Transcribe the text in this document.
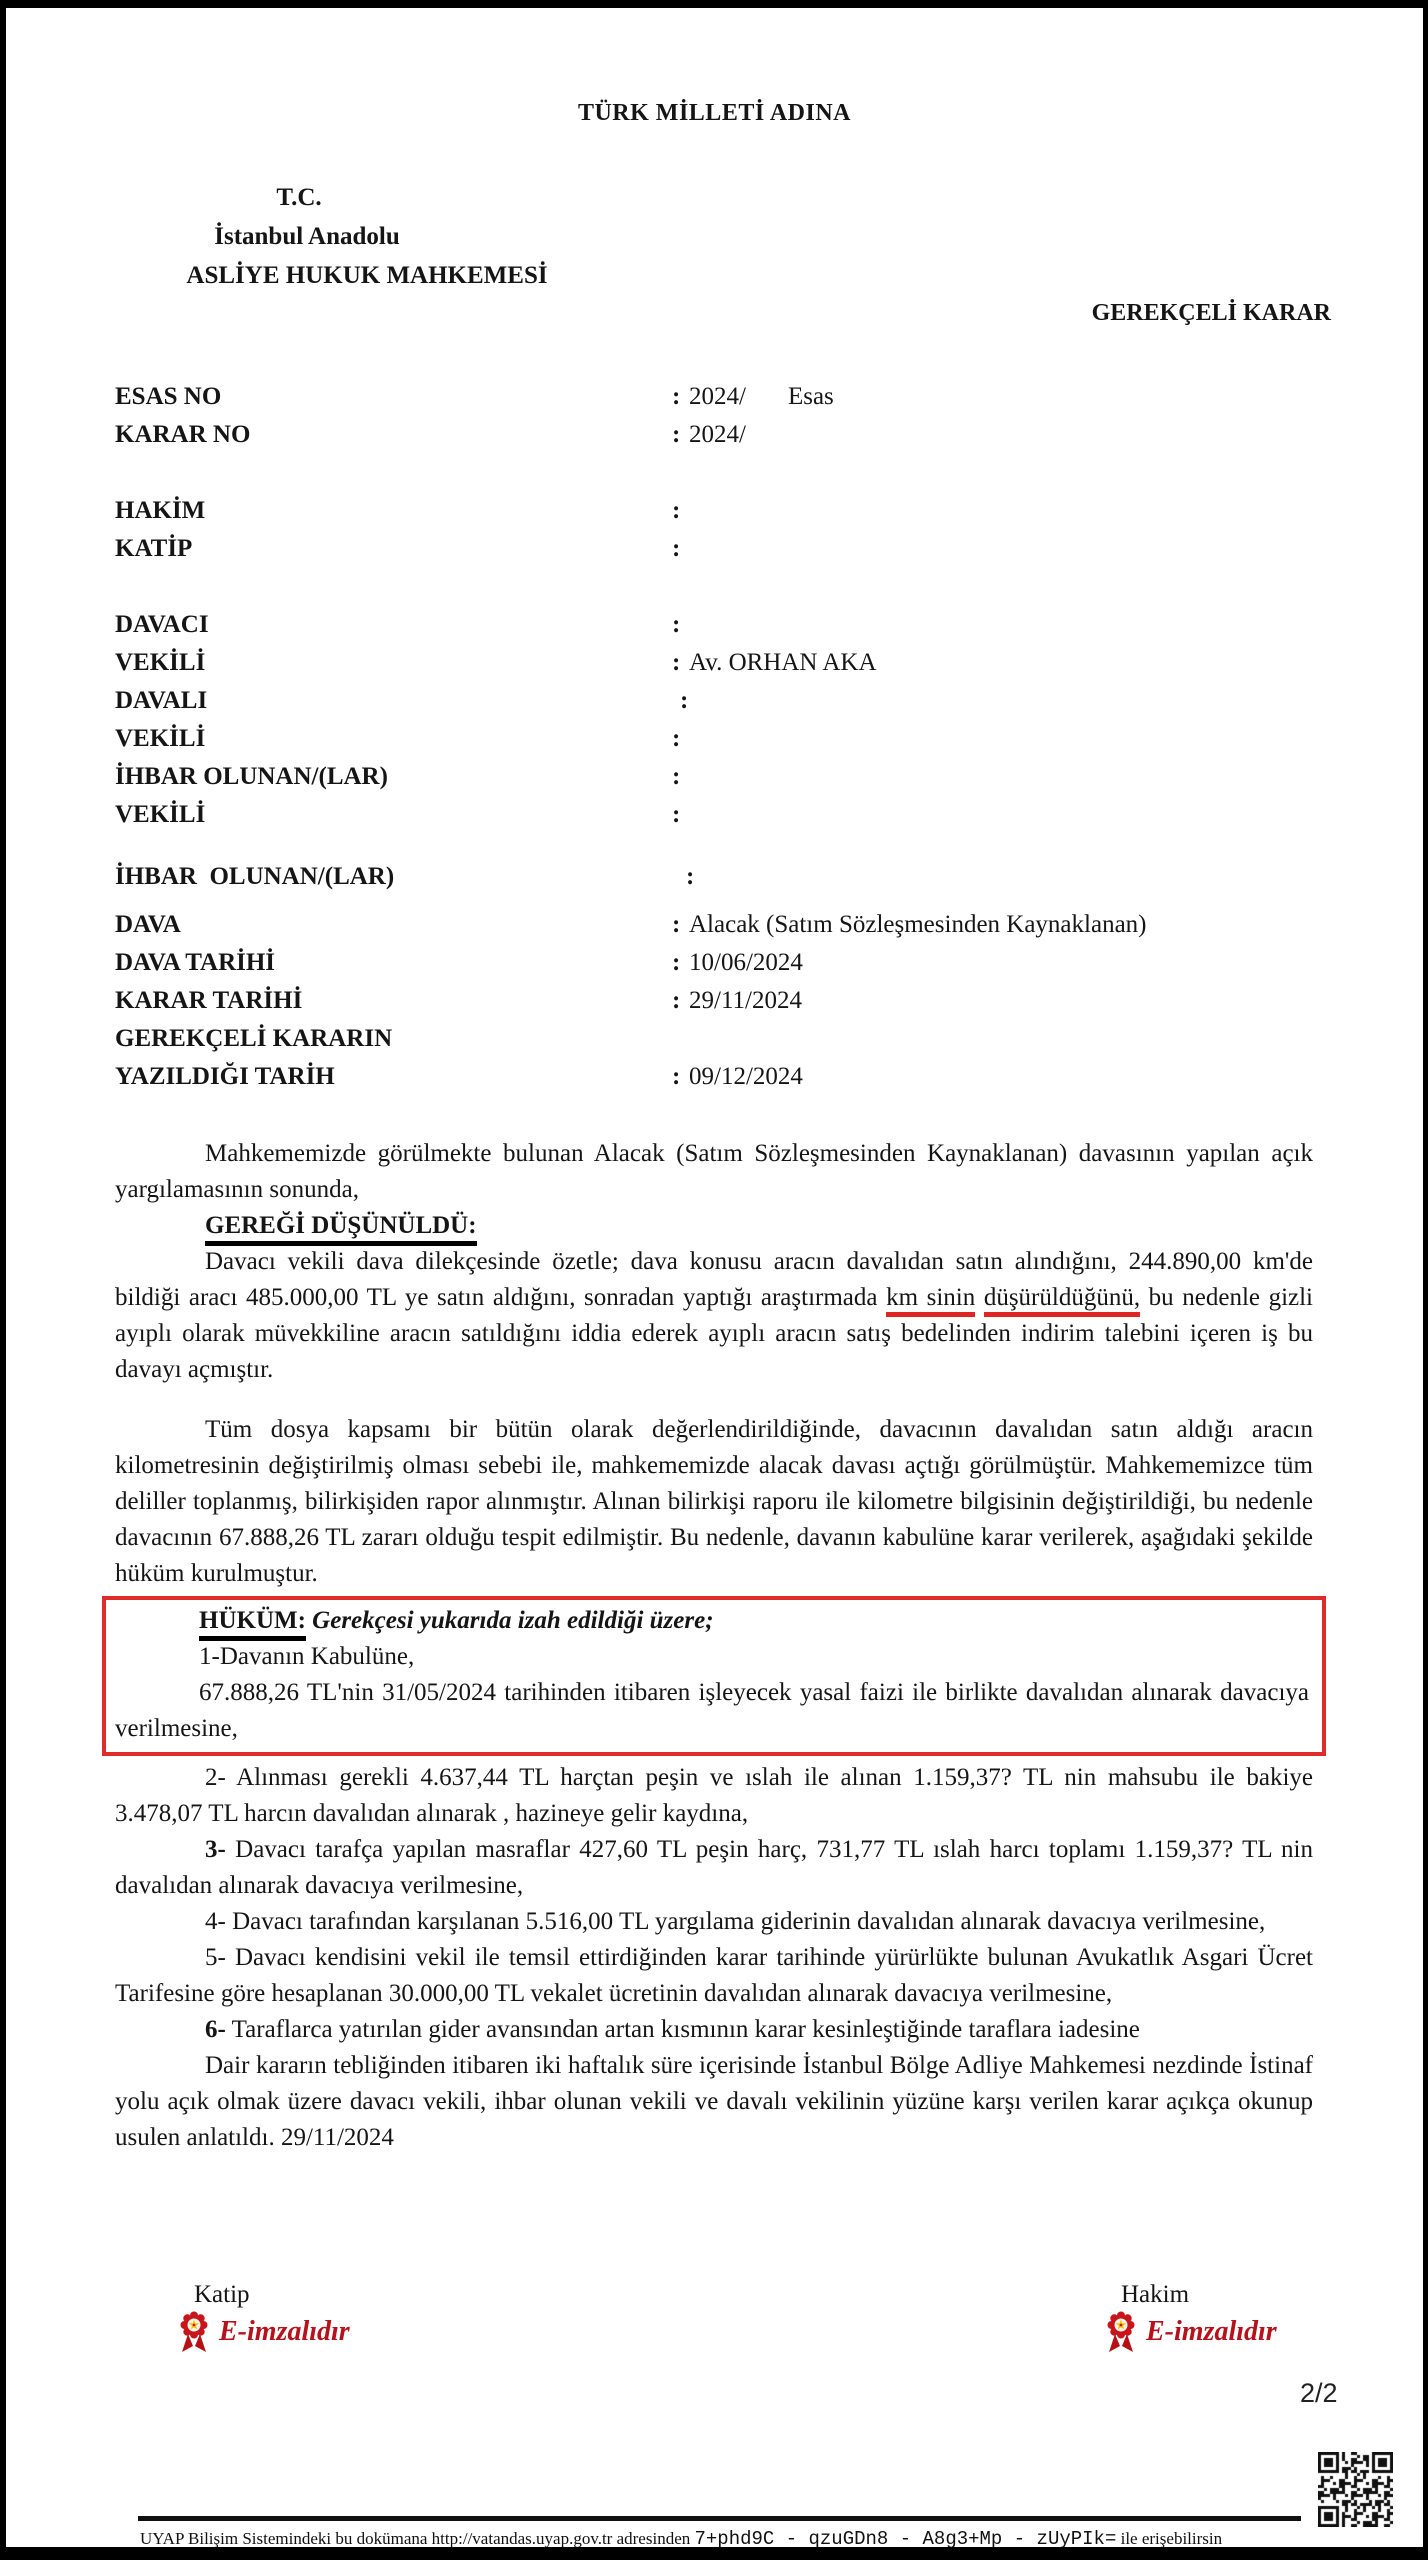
TÜRK MİLLETİ ADINA
T.C.
İstanbul Anadolu
ASLİYE HUKUK MAHKEMESİ
GEREKÇELİ KARAR
ESAS NO	: 2024/ Esas
KARAR NO	: 2024/
HAKİM	:
KATİP	:
DAVACI	:
VEKİLİ	: Av. ORHAN AKA
DAVALI	:
VEKİLİ	:
İHBAR OLUNAN/(LAR)	:
VEKİLİ	:
İHBAR  OLUNAN/(LAR)	:
DAVA	: Alacak (Satım Sözleşmesinden Kaynaklanan)
DAVA TARİHİ	: 10/06/2024
KARAR TARİHİ	: 29/11/2024
GEREKÇELİ KARARIN
YAZILDIĞI TARİH	: 09/12/2024

Mahkememizde görülmekte bulunan Alacak (Satım Sözleşmesinden Kaynaklanan) davasının yapılan açık yargılamasının sonunda,

GEREĞİ DÜŞÜNÜLDÜ:

Davacı vekili dava dilekçesinde özetle; dava konusu aracın davalıdan satın alındığını, 244.890,00 km'de bildiği aracı 485.000,00 TL ye satın aldığını, sonradan yaptığı araştırmada km sinin düşürüldüğünü, bu nedenle gizli ayıplı olarak müvekkiline aracın satıldığını iddia ederek ayıplı aracın satış bedelinden indirim talebini içeren iş bu davayı açmıştır.

Tüm dosya kapsamı bir bütün olarak değerlendirildiğinde, davacının davalıdan satın aldığı aracın kilometresinin değiştirilmiş olması sebebi ile, mahkememizde alacak davası açtığı görülmüştür. Mahkememizce tüm deliller toplanmış, bilirkişiden rapor alınmıştır. Alınan bilirkişi raporu ile kilometre bilgisinin değiştirildiği, bu nedenle davacının 67.888,26 TL zararı olduğu tespit edilmiştir. Bu nedenle, davanın kabulüne karar verilerek, aşağıdaki şekilde hüküm kurulmuştur.

HÜKÜM: Gerekçesi yukarıda izah edildiği üzere;

1-Davanın Kabulüne,

67.888,26 TL'nin 31/05/2024 tarihinden itibaren işleyecek yasal faizi ile birlikte davalıdan alınarak davacıya verilmesine,

2- Alınması gerekli 4.637,44 TL harçtan peşin ve ıslah ile alınan 1.159,37? TL nin mahsubu ile bakiye 3.478,07 TL harcın davalıdan alınarak , hazineye gelir kaydına,

3- Davacı tarafça yapılan masraflar 427,60 TL peşin harç, 731,77 TL ıslah harcı toplamı 1.159,37? TL nin davalıdan alınarak davacıya verilmesine,

4- Davacı tarafından karşılanan 5.516,00 TL yargılama giderinin davalıdan alınarak davacıya verilmesine,

5- Davacı kendisini vekil ile temsil ettirdiğinden karar tarihinde yürürlükte bulunan Avukatlık Asgari Ücret Tarifesine göre hesaplanan 30.000,00 TL vekalet ücretinin davalıdan alınarak davacıya verilmesine,

6- Taraflarca yatırılan gider avansından artan kısmının karar kesinleştiğinde taraflara iadesine

Dair kararın tebliğinden itibaren iki haftalık süre içerisinde İstanbul Bölge Adliye Mahkemesi nezdinde İstinaf yolu açık olmak üzere davacı vekili, ihbar olunan vekili ve davalı vekilinin yüzüne karşı verilen karar açıkça okunup usulen anlatıldı. 29/11/2024

Katip
E-imzalıdır
Hakim
E-imzalıdır
2/2
UYAP Bilişim Sistemindeki bu dokümana http://vatandas.uyap.gov.tr adresinden 7+phd9C - qzuGDn8 - A8g3+Mp - zUyPIk= ile erişebilirsin
